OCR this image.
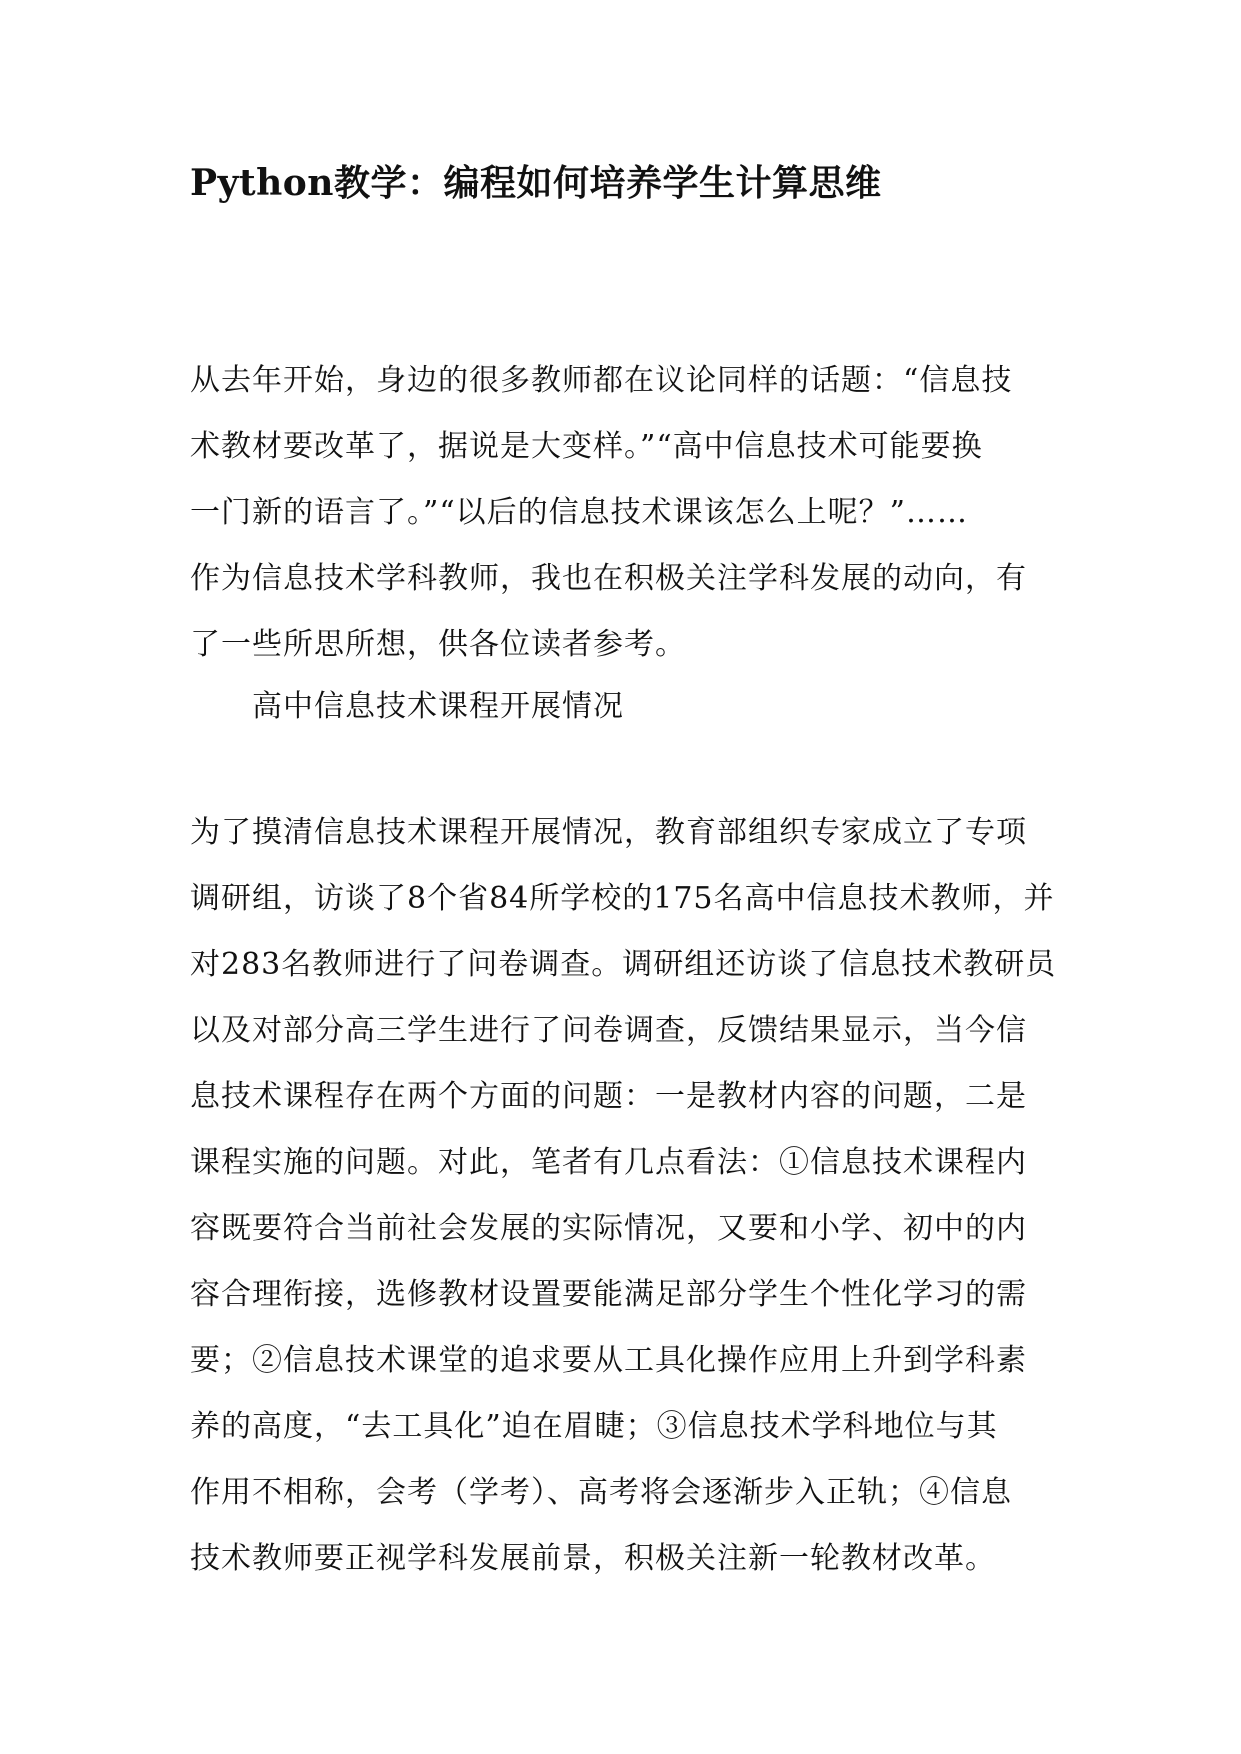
Python教学：编程如何培养学生计算思维
从去年开始，身边的很多教师都在议论同样的话题：“信息技
术教材要改革了，据说是大变样。”“高中信息技术可能要换
一门新的语言了。”“以后的信息技术课该怎么上呢？”……
作为信息技术学科教师，我也在积极关注学科发展的动向，有
了一些所思所想，供各位读者参考。
高中信息技术课程开展情况
为了摸清信息技术课程开展情况，教育部组织专家成立了专项
调研组，访谈了8个省84所学校的175名高中信息技术教师，并
对283名教师进行了问卷调查。调研组还访谈了信息技术教研员
以及对部分高三学生进行了问卷调查，反馈结果显示，当今信
息技术课程存在两个方面的问题：一是教材内容的问题，二是
课程实施的问题。对此，笔者有几点看法：①信息技术课程内
容既要符合当前社会发展的实际情况，又要和小学、初中的内
容合理衔接，选修教材设置要能满足部分学生个性化学习的需
要；②信息技术课堂的追求要从工具化操作应用上升到学科素
养的高度，“去工具化”迫在眉睫；③信息技术学科地位与其
作用不相称，会考（学考）、高考将会逐渐步入正轨；④信息
技术教师要正视学科发展前景，积极关注新一轮教材改革。
